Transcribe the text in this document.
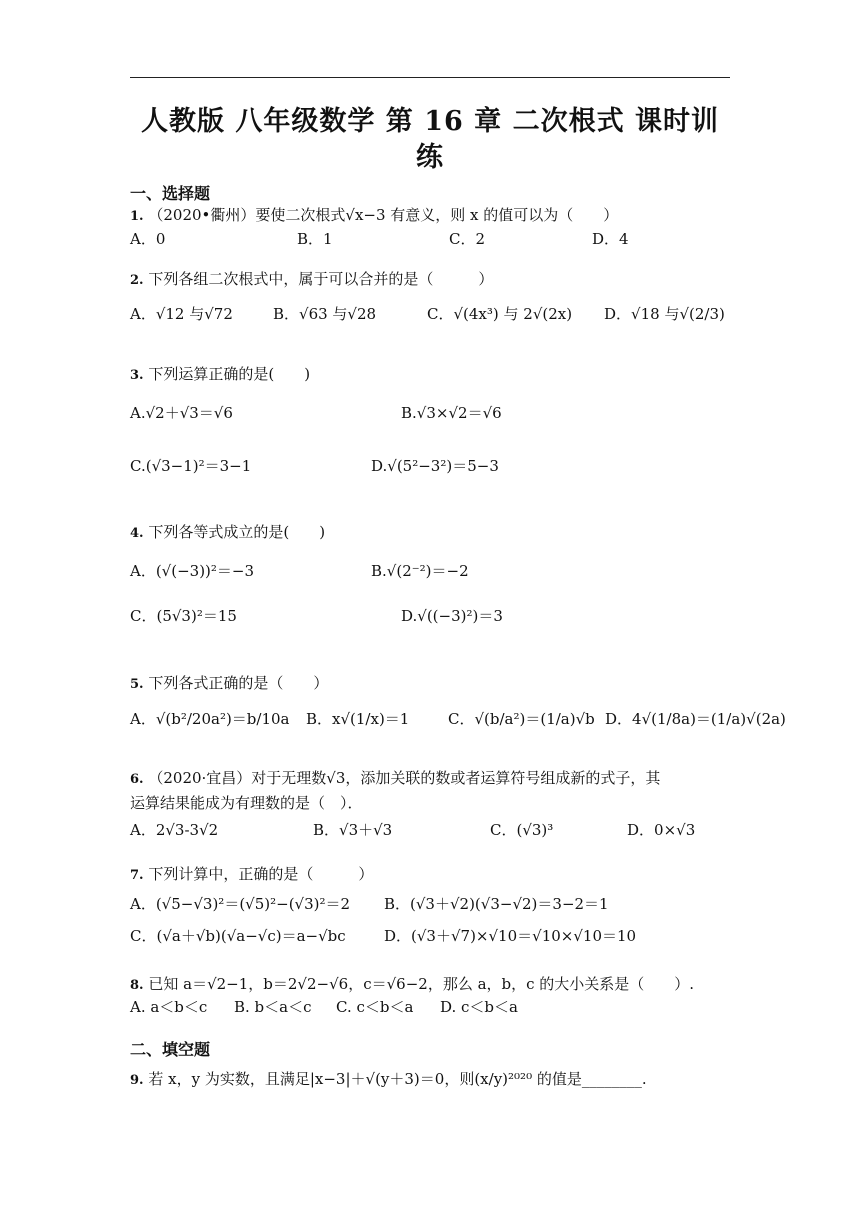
人教版 八年级数学 第 16 章 二次根式 课时训练
一、选择题
1. （2020•衢州）要使二次根式√x−3 有意义，则 x 的值可以为（　　）
A．0	B．1	C．2	D．4
2. 下列各组二次根式中，属于可以合并的是（　　　）
A．√12 与√72	B．√63 与√28	C．√(4x³) 与 2√(2x) D．√18 与√(2/3)
3. 下列运算正确的是(　　)
A.√2＋√3＝√6	B.√3×√2＝√6
C.(√3−1)²＝3−1	D.√(5²−3²)＝5−3
4. 下列各等式成立的是(　　)
A．(√(−3))²＝−3	B.√(2⁻²)＝−2
C．(5√3)²＝15	D.√((−3)²)＝3
5. 下列各式正确的是（　　）
A．√(b²/20a²)＝b/10a B．x√(1/x)＝1	C．√(b/a²)＝(1/a)√b D．4√(1/8a)＝(1/a)√(2a)
6. （2020·宜昌）对于无理数√3，添加关联的数或者运算符号组成新的式子，其
运算结果能成为有理数的是（　）．
A．2√3-3√2	B．√3＋√3	C．(√3)³	D．0×√3
7. 下列计算中，正确的是（　　　）
A．(√5−√3)²＝(√5)²−(√3)²＝2 B．(√3＋√2)(√3−√2)＝3−2＝1
C．(√a＋√b)(√a−√c)＝a−√bc	D．(√3＋√7)×√10＝√10×√10＝10
8. 已知 a＝√2−1，b＝2√2−√6，c＝√6−2，那么 a，b，c 的大小关系是（　　）.
A. a＜b＜c B. b＜a＜c C. c＜b＜a D. c＜b＜a
二、填空题
9. 若 x，y 为实数，且满足|x−3|＋√(y＋3)＝0，则(x/y)²⁰²⁰ 的值是________.
